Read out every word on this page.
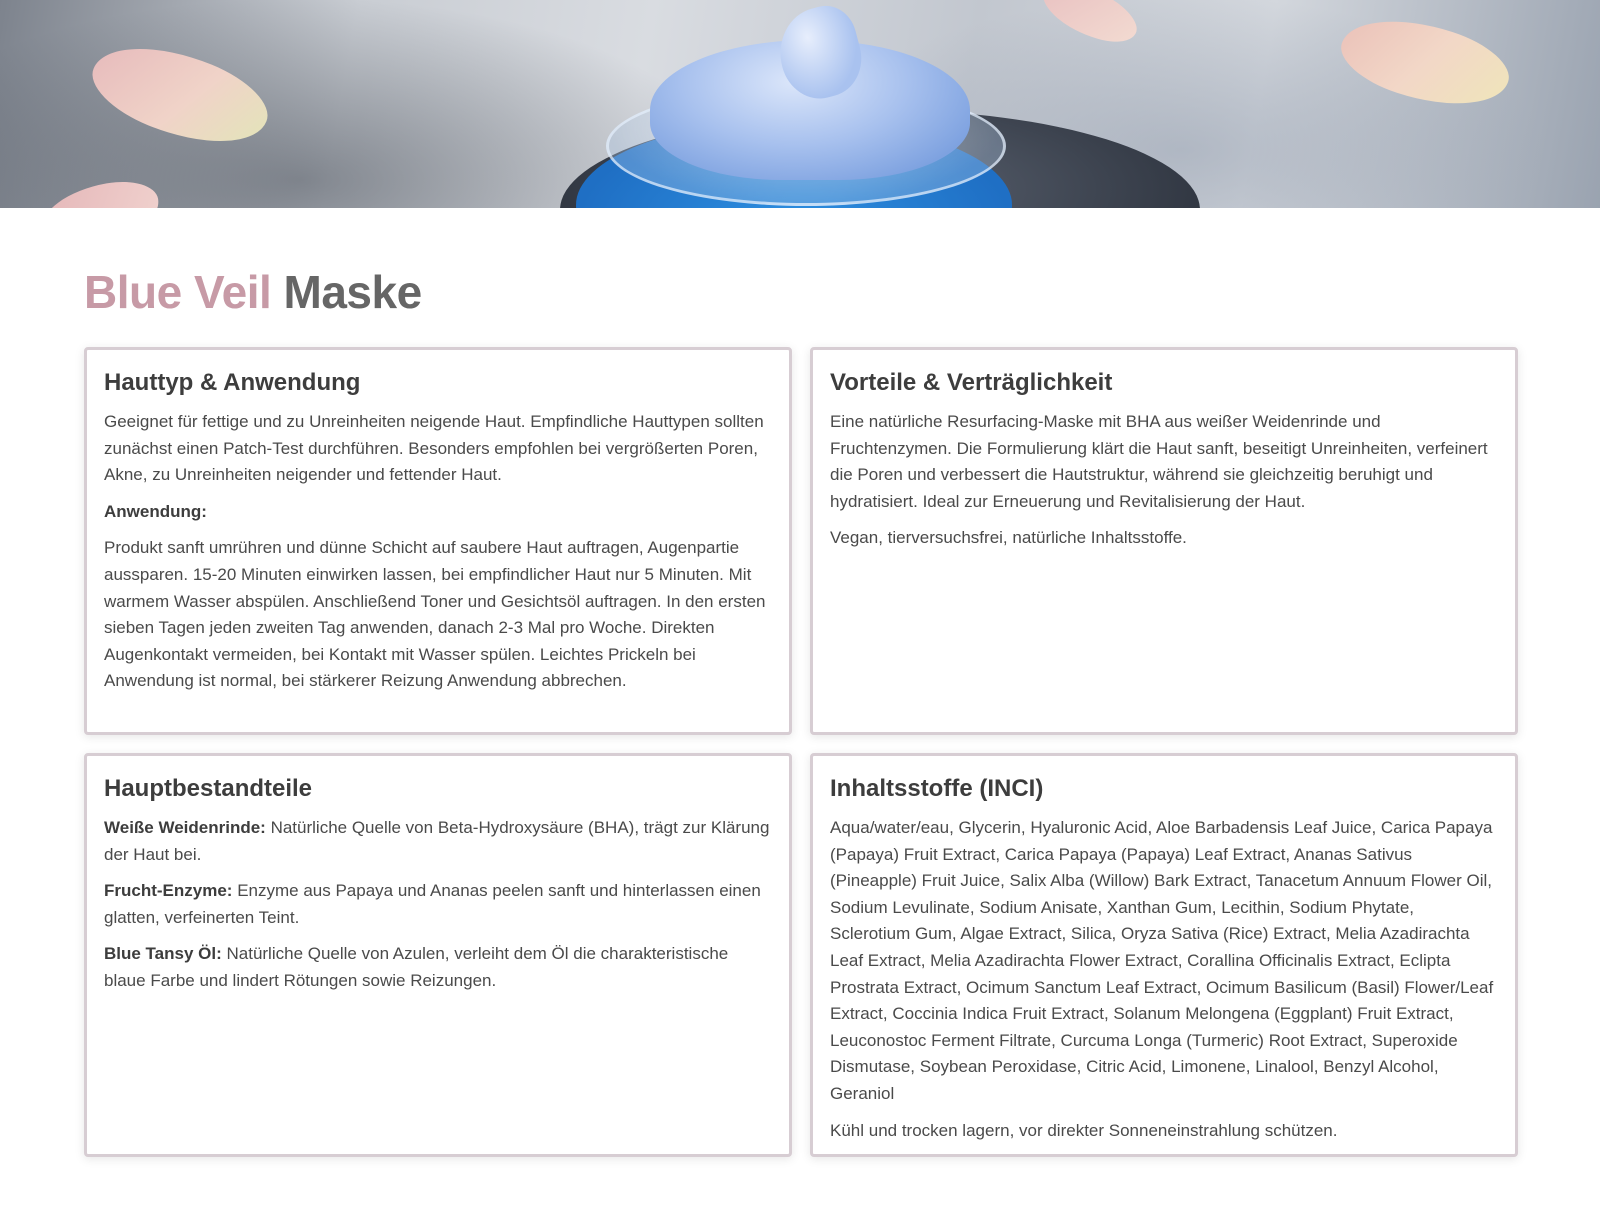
Blue Veil Maske
Hauttyp & Anwendung

Geeignet für fettige und zu Unreinheiten neigende Haut. Empfindliche Hauttypen sollten zunächst einen Patch-Test durchführen. Besonders empfohlen bei vergrößerten Poren, Akne, zu Unreinheiten neigender und fettender Haut.

Anwendung:

Produkt sanft umrühren und dünne Schicht auf saubere Haut auftragen, Augenpartie aussparen. 15-20 Minuten einwirken lassen, bei empfindlicher Haut nur 5 Minuten. Mit warmem Wasser abspülen. Anschließend Toner und Gesichtsöl auftragen. In den ersten sieben Tagen jeden zweiten Tag anwenden, danach 2-3 Mal pro Woche. Direkten Augenkontakt vermeiden, bei Kontakt mit Wasser spülen. Leichtes Prickeln bei Anwendung ist normal, bei stärkerer Reizung Anwendung abbrechen.

Vorteile & Verträglichkeit

Eine natürliche Resurfacing-Maske mit BHA aus weißer Weidenrinde und Fruchtenzymen. Die Formulierung klärt die Haut sanft, beseitigt Unreinheiten, verfeinert die Poren und verbessert die Hautstruktur, während sie gleichzeitig beruhigt und hydratisiert. Ideal zur Erneuerung und Revitalisierung der Haut.

Vegan, tierversuchsfrei, natürliche Inhaltsstoffe.

Hauptbestandteile

Weiße Weidenrinde: Natürliche Quelle von Beta-Hydroxysäure (BHA), trägt zur Klärung der Haut bei.

Frucht-Enzyme: Enzyme aus Papaya und Ananas peelen sanft und hinterlassen einen glatten, verfeinerten Teint.

Blue Tansy Öl: Natürliche Quelle von Azulen, verleiht dem Öl die charakteristische blaue Farbe und lindert Rötungen sowie Reizungen.

Inhaltsstoffe (INCI)

Aqua/water/eau, Glycerin, Hyaluronic Acid, Aloe Barbadensis Leaf Juice, Carica Papaya (Papaya) Fruit Extract, Carica Papaya (Papaya) Leaf Extract, Ananas Sativus (Pineapple) Fruit Juice, Salix Alba (Willow) Bark Extract, Tanacetum Annuum Flower Oil, Sodium Levulinate, Sodium Anisate, Xanthan Gum, Lecithin, Sodium Phytate, Sclerotium Gum, Algae Extract, Silica, Oryza Sativa (Rice) Extract, Melia Azadirachta Leaf Extract, Melia Azadirachta Flower Extract, Corallina Officinalis Extract, Eclipta Prostrata Extract, Ocimum Sanctum Leaf Extract, Ocimum Basilicum (Basil) Flower/Leaf Extract, Coccinia Indica Fruit Extract, Solanum Melongena (Eggplant) Fruit Extract, Leuconostoc Ferment Filtrate, Curcuma Longa (Turmeric) Root Extract, Superoxide Dismutase, Soybean Peroxidase, Citric Acid, Limonene, Linalool, Benzyl Alcohol, Geraniol

Kühl und trocken lagern, vor direkter Sonneneinstrahlung schützen.
